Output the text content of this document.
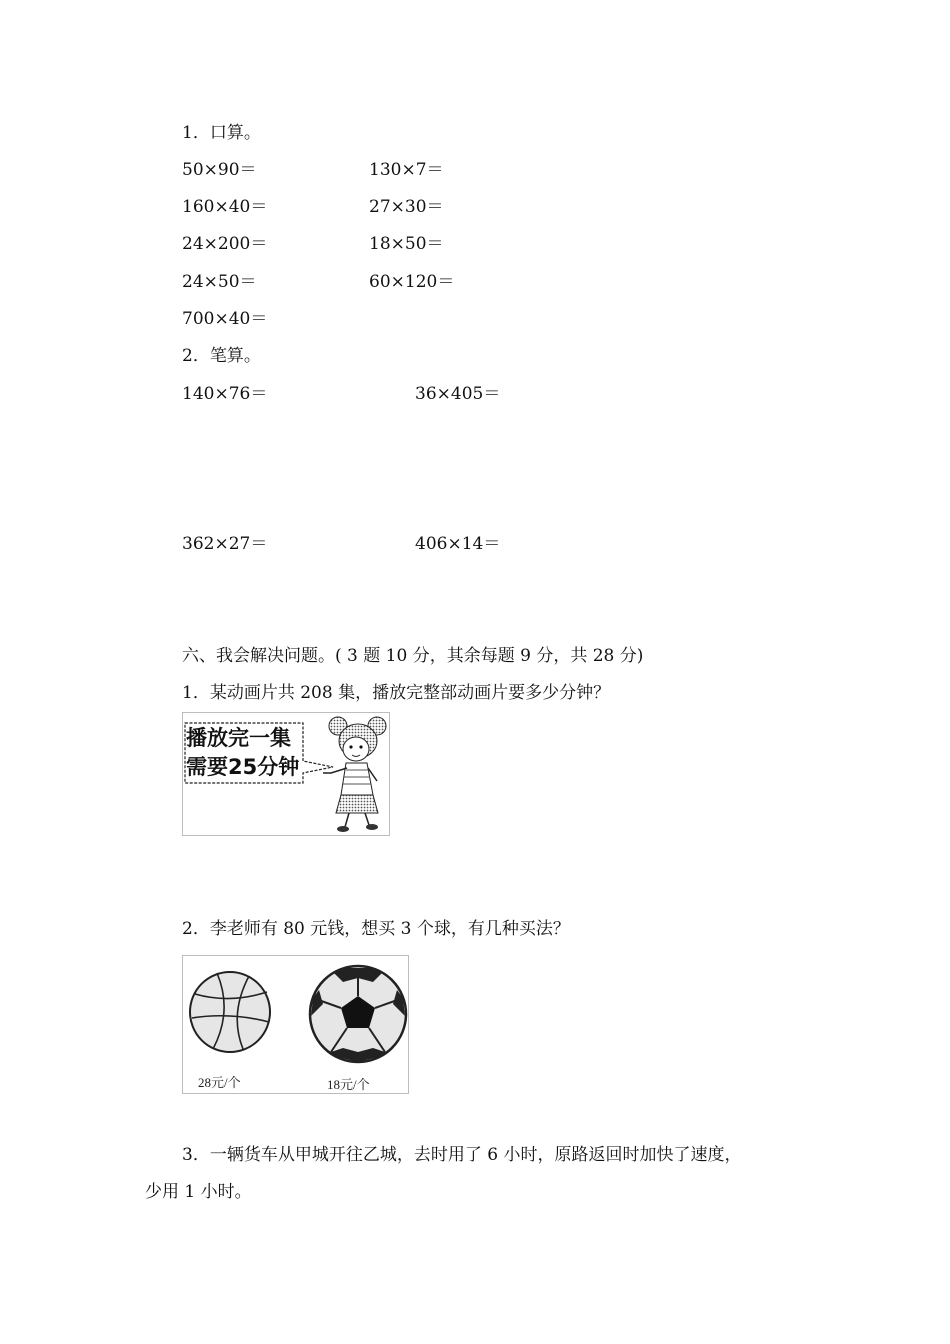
1．口算。
50×90＝	130×7＝
160×40＝	27×30＝
24×200＝	18×50＝
24×50＝	60×120＝
700×40＝
2．笔算。
140×76＝	36×405＝
362×27＝	406×14＝
六、我会解决问题。( 3 题 10 分，其余每题 9 分，共 28 分)
1．某动画片共 208 集，播放完整部动画片要多少分钟？
播放完一集
需要25分钟
2．李老师有 80 元钱，想买 3 个球，有几种买法？
28元/个	18元/个
3．一辆货车从甲城开往乙城，去时用了 6 小时，原路返回时加快了速度，
少用 1 小时。
